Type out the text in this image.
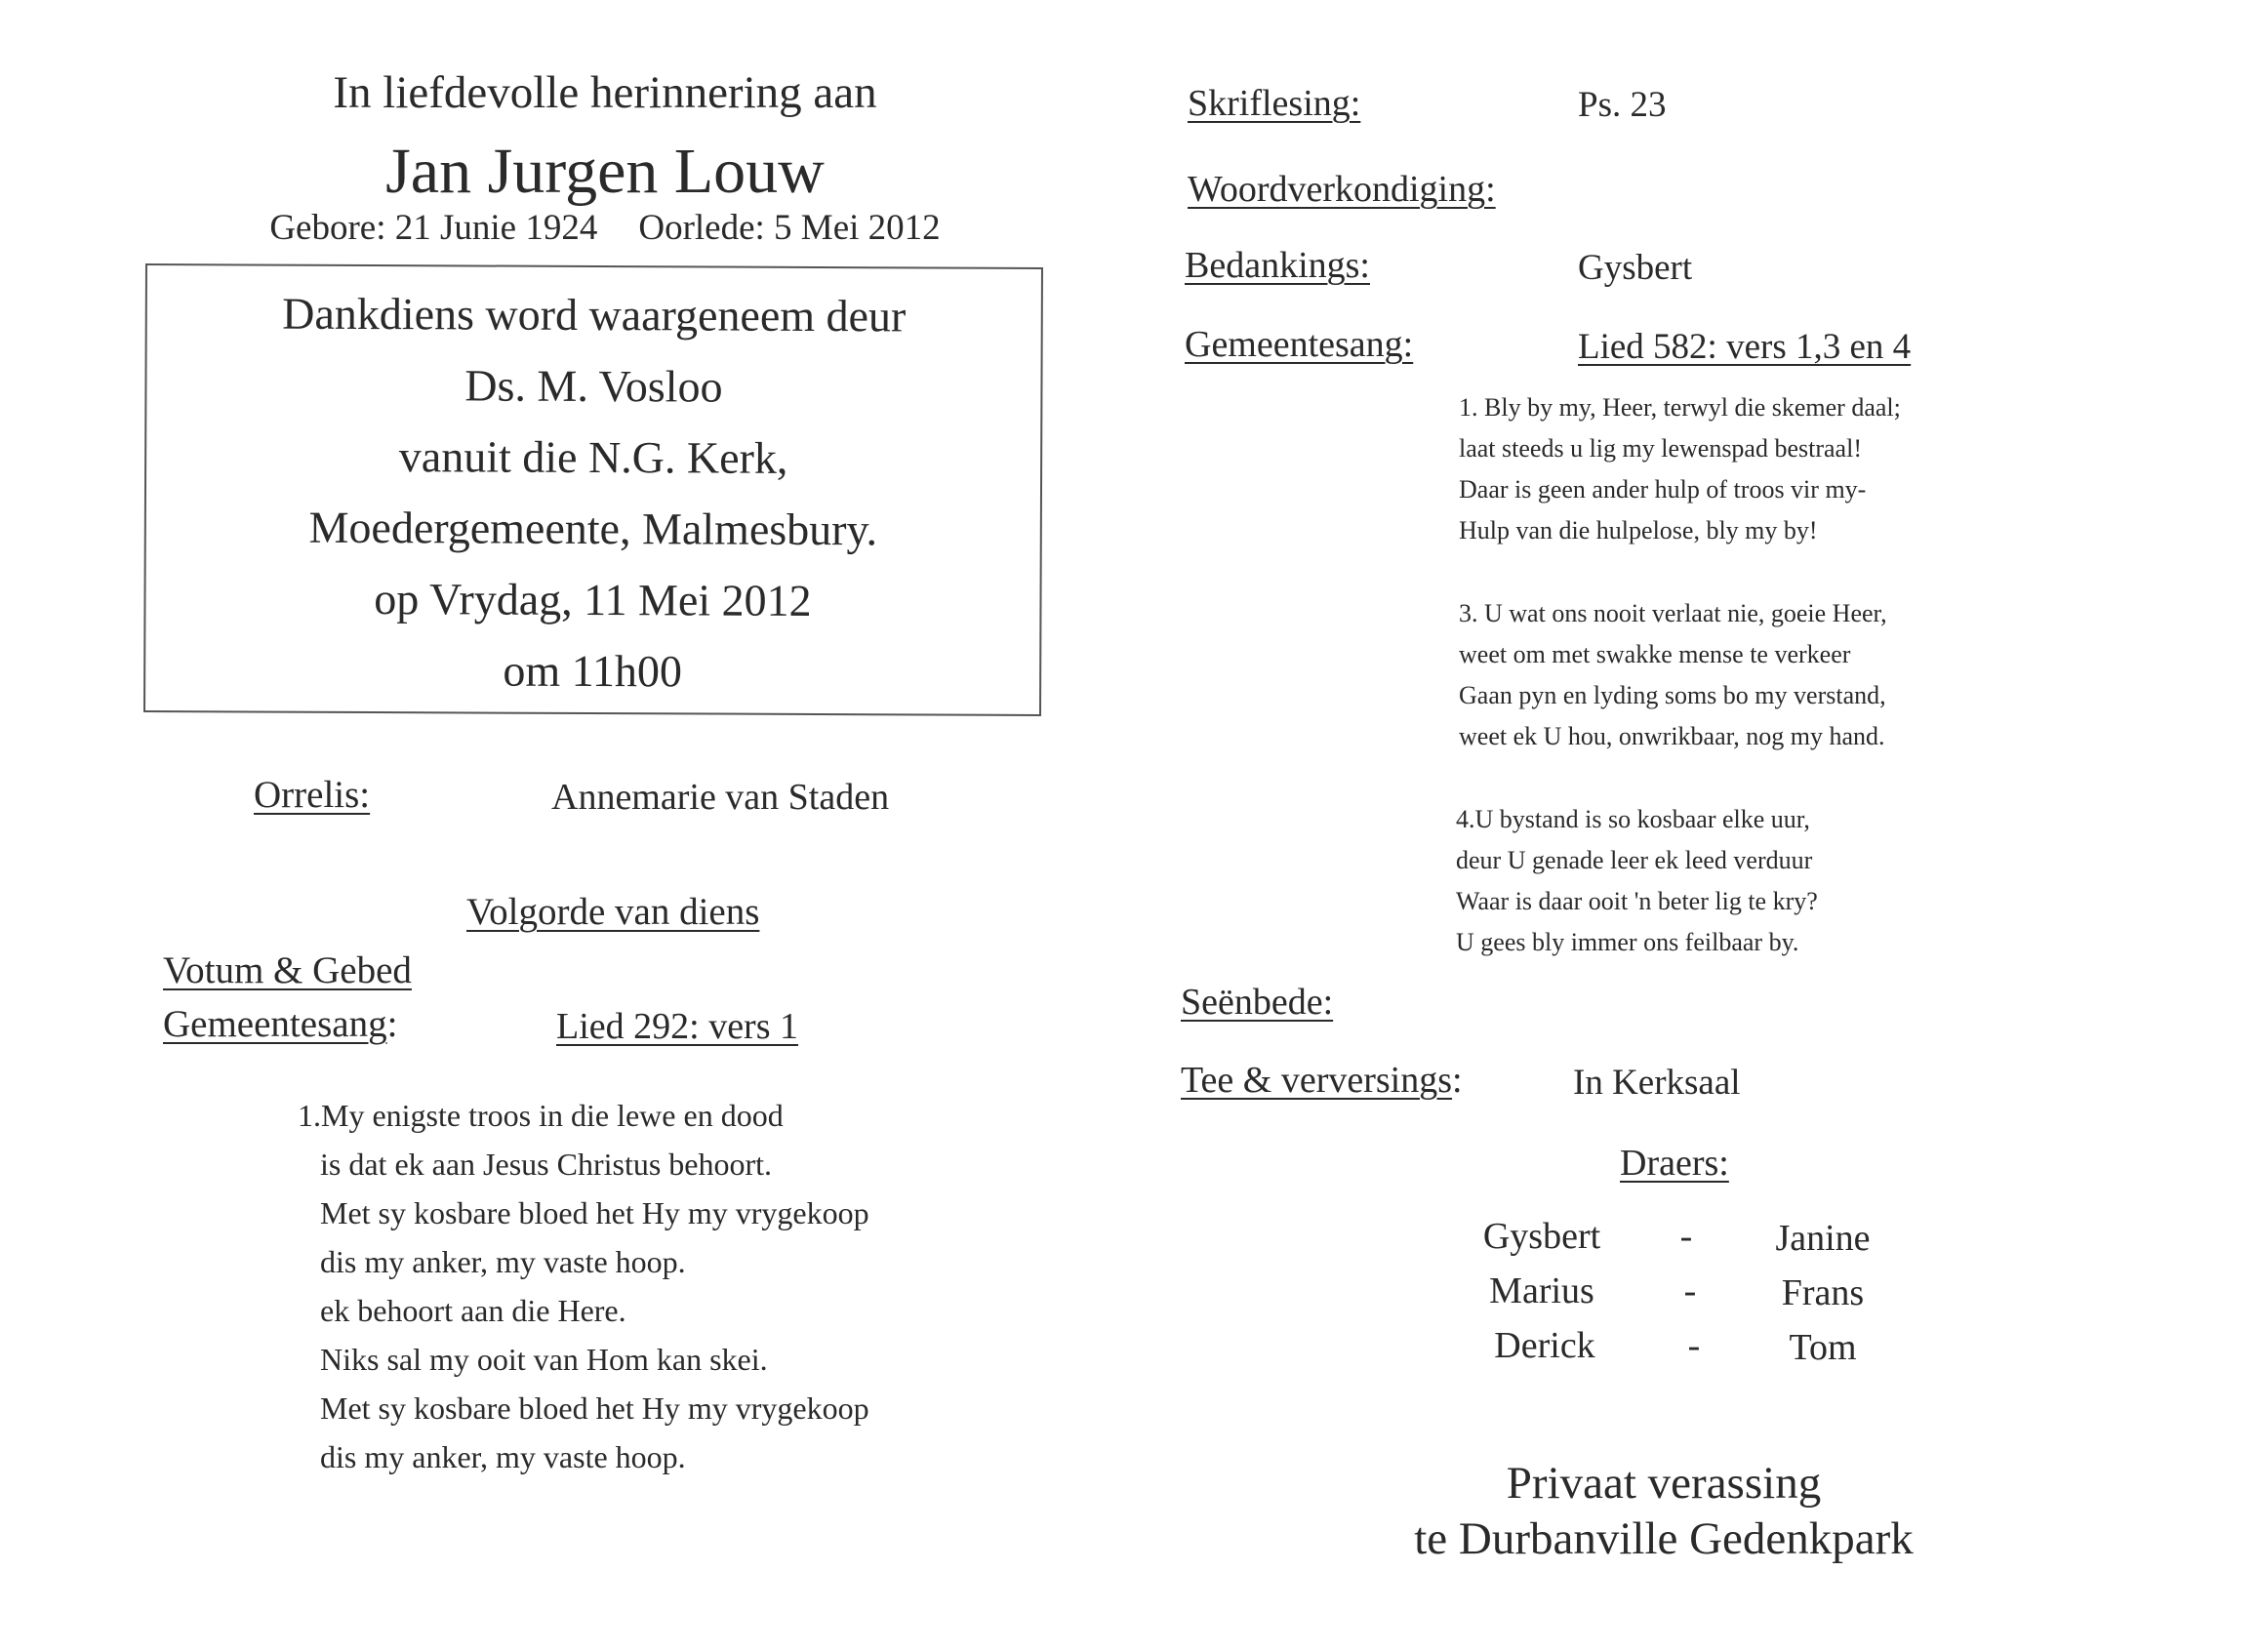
In liefdevolle herinnering aan
Jan Jurgen Louw
Gebore: 21 Junie 1924 Oorlede: 5 Mei 2012
Dankdiens word waargeneem deur
Ds. M. Vosloo
vanuit die N.G. Kerk,
Moedergemeente, Malmesbury.
op Vrydag, 11 Mei 2012
om 11h00
Orrelis:	Annemarie van Staden
Volgorde van diens
Votum & Gebed
Gemeentesang:	Lied 292: vers 1
1.My enigste troos in die lewe en dood
is dat ek aan Jesus Christus behoort.
Met sy kosbare bloed het Hy my vrygekoop
dis my anker, my vaste hoop.
ek behoort aan die Here.
Niks sal my ooit van Hom kan skei.
Met sy kosbare bloed het Hy my vrygekoop
dis my anker, my vaste hoop.
Skriflesing:	Ps. 23
Woordverkondiging:
Bedankings:	Gysbert
Gemeentesang:	Lied 582: vers 1,3 en 4
1. Bly by my, Heer, terwyl die skemer daal;
laat steeds u lig my lewenspad bestraal!
Daar is geen ander hulp of troos vir my-
Hulp van die hulpelose, bly my by!
3. U wat ons nooit verlaat nie, goeie Heer,
weet om met swakke mense te verkeer
Gaan pyn en lyding soms bo my verstand,
weet ek U hou, onwrikbaar, nog my hand.
4.U bystand is so kosbaar elke uur,
deur U genade leer ek leed verduur
Waar is daar ooit 'n beter lig te kry?
U gees bly immer ons feilbaar by.
Seënbede:
Tee & verversings:	In Kerksaal
Draers:
Gysbert	-	Janine
Marius	-	Frans
Derick	-	Tom
Privaat verassing
te Durbanville Gedenkpark
